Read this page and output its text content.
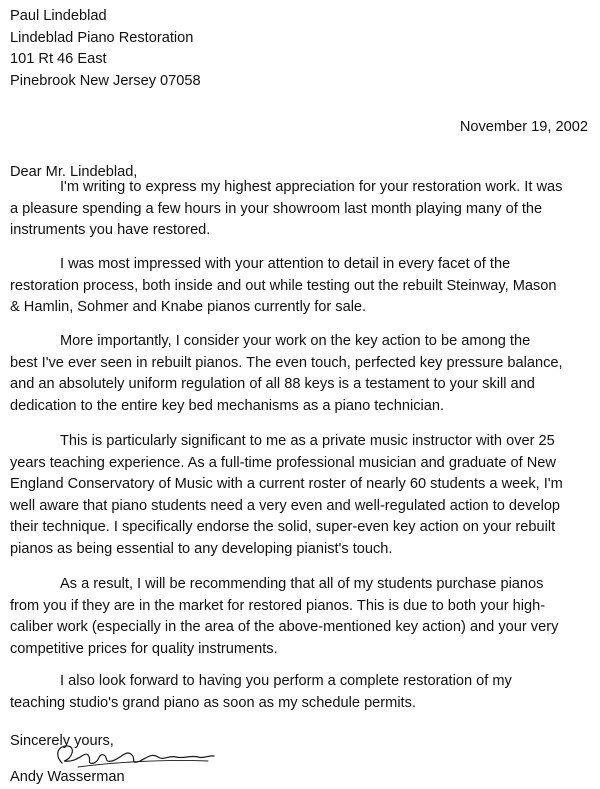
Paul Lindeblad
Lindeblad Piano Restoration
101 Rt 46 East
Pinebrook New Jersey 07058
November 19, 2002
Dear Mr. Lindeblad,
I'm writing to express my highest appreciation for your restoration work. It was
a pleasure spending a few hours in your showroom last month playing many of the
instruments you have restored.
I was most impressed with your attention to detail in every facet of the
restoration process, both inside and out while testing out the rebuilt Steinway, Mason
& Hamlin, Sohmer and Knabe pianos currently for sale.
More importantly, I consider your work on the key action to be among the
best I've ever seen in rebuilt pianos. The even touch, perfected key pressure balance,
and an absolutely uniform regulation of all 88 keys is a testament to your skill and
dedication to the entire key bed mechanisms as a piano technician.
This is particularly significant to me as a private music instructor with over 25
years teaching experience. As a full-time professional musician and graduate of New
England Conservatory of Music with a current roster of nearly 60 students a week, I'm
well aware that piano students need a very even and well-regulated action to develop
their technique. I specifically endorse the solid, super-even key action on your rebuilt
pianos as being essential to any developing pianist's touch.
As a result, I will be recommending that all of my students purchase pianos
from you if they are in the market for restored pianos. This is due to both your high-
caliber work (especially in the area of the above-mentioned key action) and your very
competitive prices for quality instruments.
I also look forward to having you perform a complete restoration of my
teaching studio's grand piano as soon as my schedule permits.
Sincerely yours,
Andy Wasserman
